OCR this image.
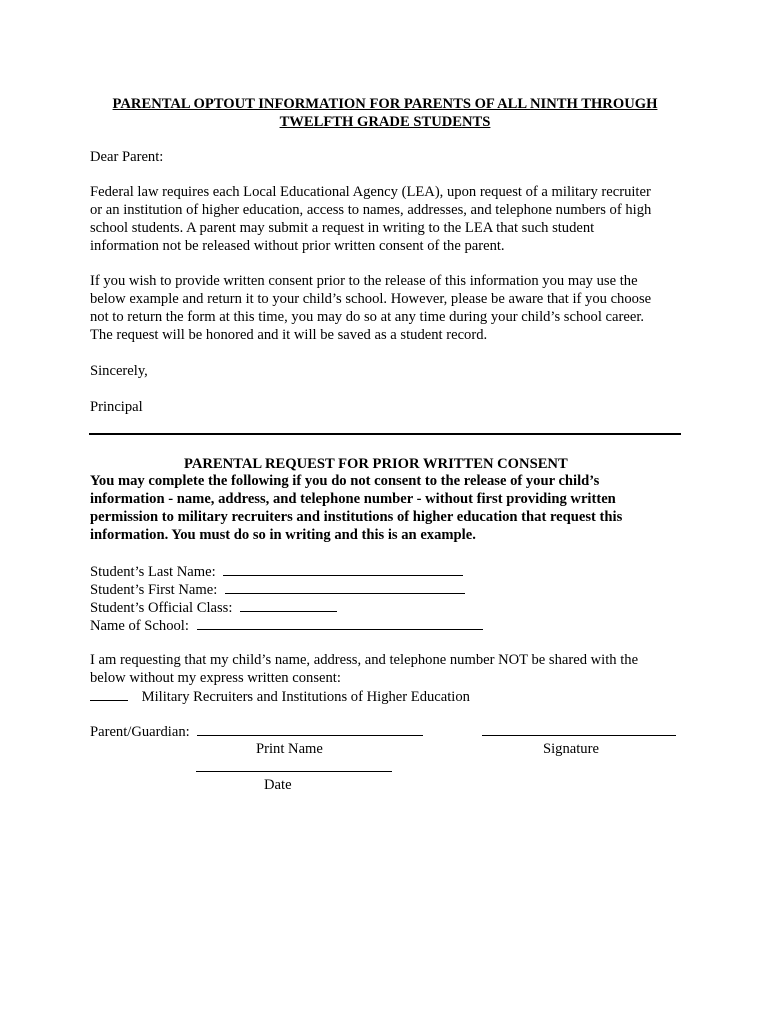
PARENTAL OPTOUT INFORMATION FOR PARENTS OF ALL NINTH THROUGH
TWELFTH GRADE STUDENTS
Dear Parent:
Federal law requires each Local Educational Agency (LEA), upon request of a military recruiter
or an institution of higher education, access to names, addresses, and telephone numbers of high
school students. A parent may submit a request in writing to the LEA that such student
information not be released without prior written consent of the parent.
If you wish to provide written consent prior to the release of this information you may use the
below example and return it to your child’s school. However, please be aware that if you choose
not to return the form at this time, you may do so at any time during your child’s school career.
The request will be honored and it will be saved as a student record.
Sincerely,
Principal
PARENTAL REQUEST FOR PRIOR WRITTEN CONSENT
You may complete the following if you do not consent to the release of your child’s
information - name, address, and telephone number - without first providing written
permission to military recruiters and institutions of higher education that request this
information. You must do so in writing and this is an example.
Student’s Last Name:
Student’s First Name:
Student’s Official Class:
Name of School:
I am requesting that my child’s name, address, and telephone number NOT be shared with the
below without my express written consent:
Military Recruiters and Institutions of Higher Education
Parent/Guardian:
Print Name	Signature
Date
